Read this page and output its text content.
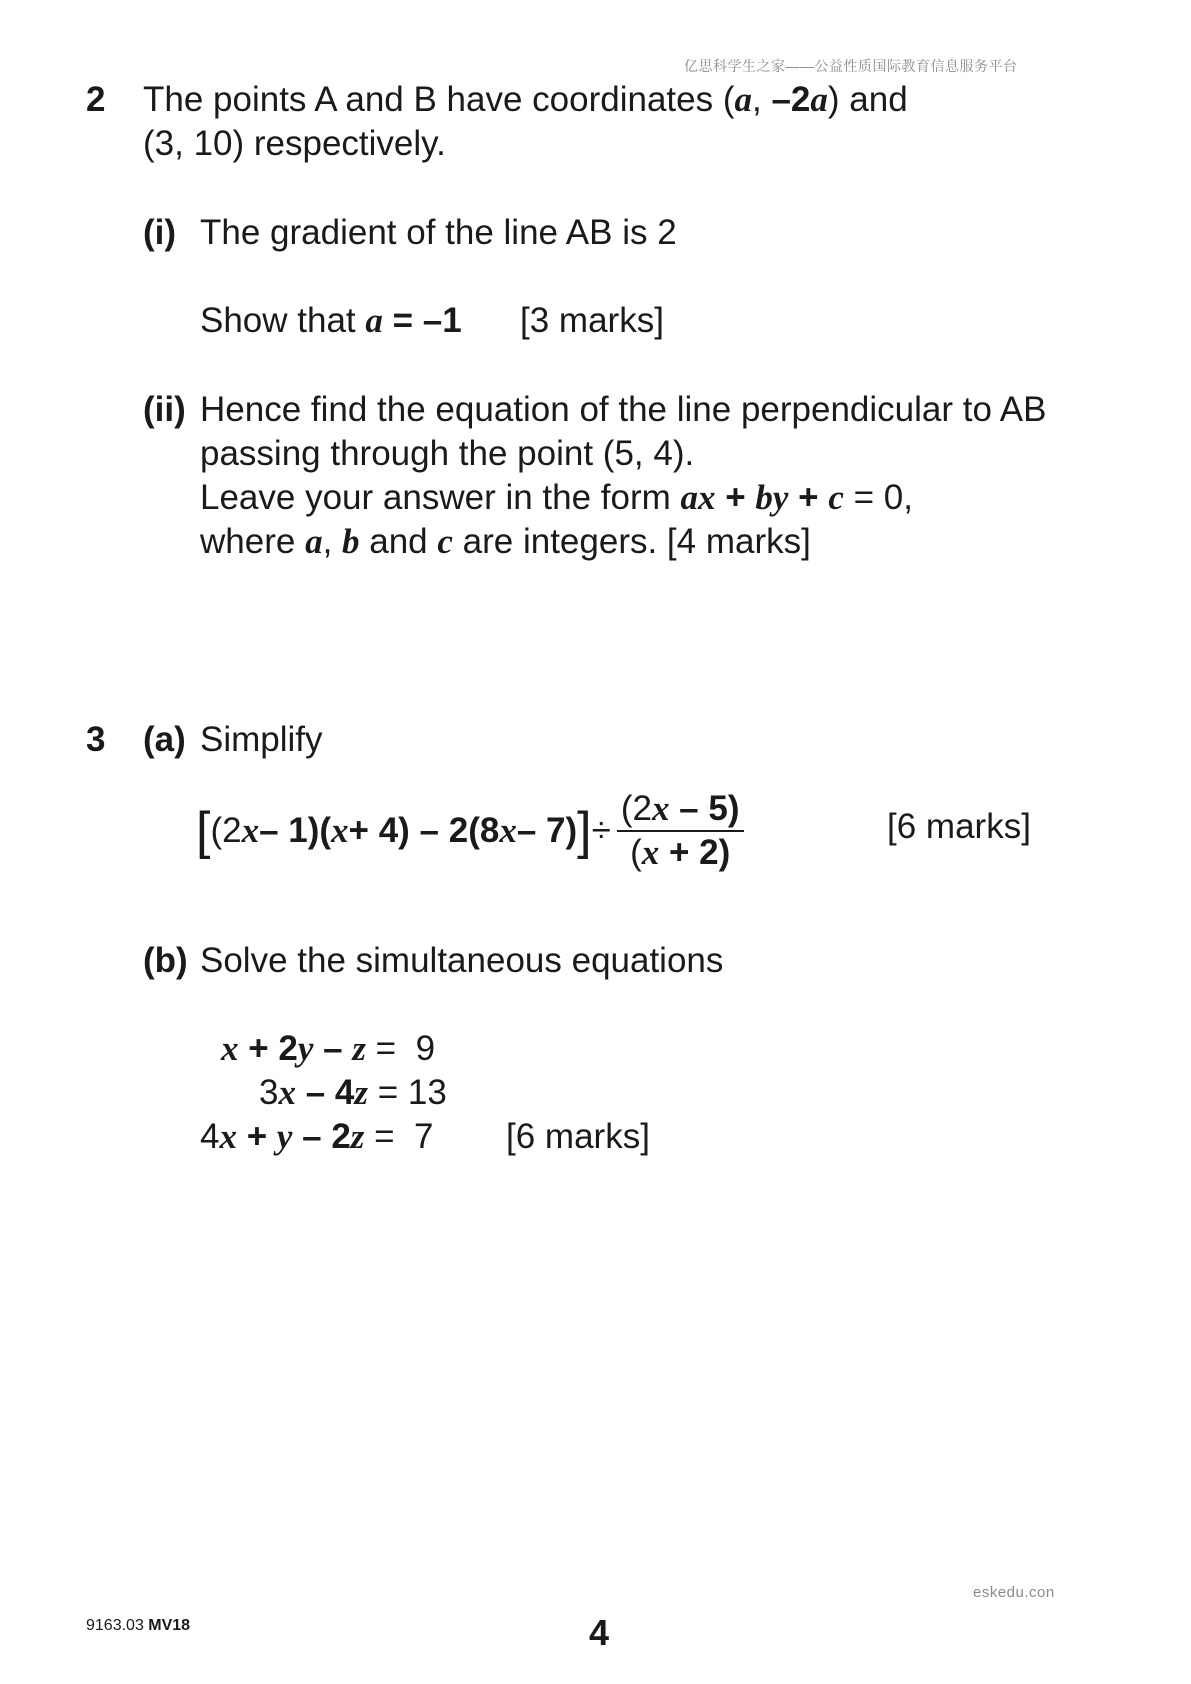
亿思科学生之家——公益性质国际教育信息服务平台
2 The points A and B have coordinates (a, –2a) and
(3, 10) respectively.
(i) The gradient of the line AB is 2
Show that a = –1 [3 marks]
(ii) Hence find the equation of the line perpendicular to AB
passing through the point (5, 4).
Leave your answer in the form ax + by + c = 0,
where a, b and c are integers. [4 marks]
3 (a) Simplify
[ (2 x – 1)( x + 4) – 2(8 x – 7) ] ÷ $\frac{(2x - 5)}{(x + 2)}$	[6 marks]
(b) Solve the simultaneous equations
x + 2y – z =  9
3x – 4z = 13
4x + y – 2z =  7 [6 marks]
eskedu.con
9163.03 MV18	4
